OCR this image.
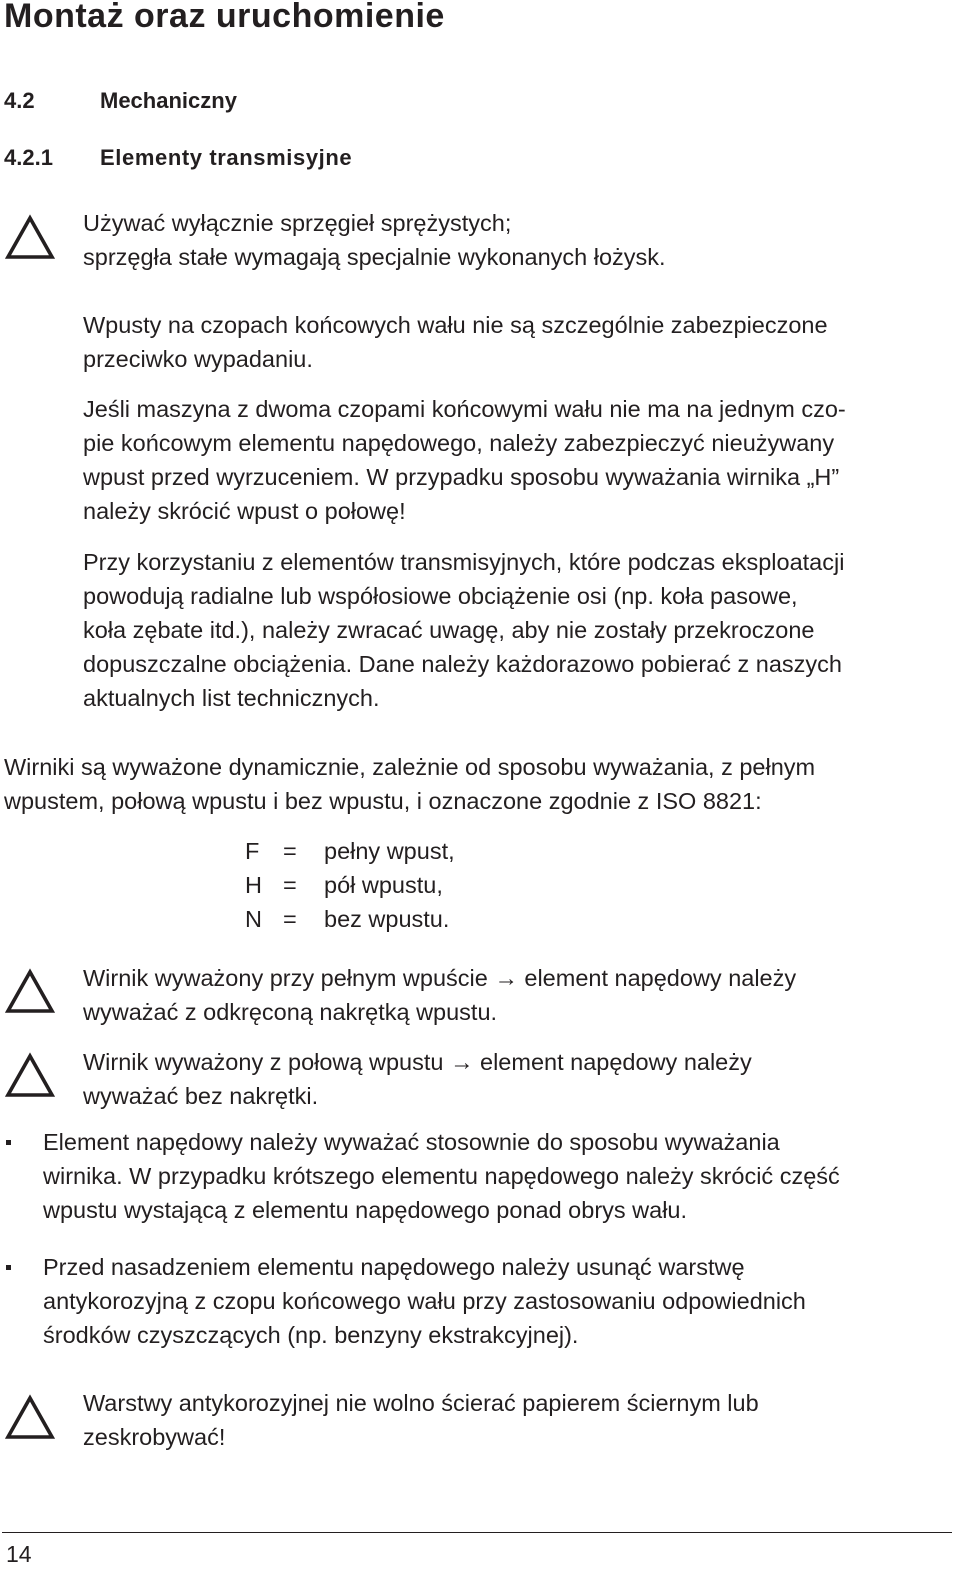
Montaż oraz uruchomienie
4.2	Mechaniczny
4.2.1 Elementy transmisyjne

Używać wyłącznie sprzęgieł sprężystych;

sprzęgła stałe wymagają specjalnie wykonanych łożysk.

Wpusty na czopach końcowych wału nie są szczególnie zabezpieczone

przeciwko wypadaniu.

Jeśli maszyna z dwoma czopami końcowymi wału nie ma na jednym czo-

pie końcowym elementu napędowego, należy zabezpieczyć nieużywany

wpust przed wyrzuceniem. W przypadku sposobu wyważania wirnika „H”

należy skrócić wpust o połowę!

Przy korzystaniu z elementów transmisyjnych, które podczas eksploatacji

powodują radialne lub współosiowe obciążenie osi (np. koła pasowe,

koła zębate itd.), należy zwracać uwagę, aby nie zostały przekroczone

dopuszczalne obciążenia. Dane należy każdorazowo pobierać z naszych

aktualnych list technicznych.

Wirniki są wyważone dynamicznie, zależnie od sposobu wyważania, z pełnym

wpustem, połową wpustu i bez wpustu, i oznaczone zgodnie z ISO 8821:

F = pełny wpust,
H = pół wpustu,
N = bez wpustu.

Wirnik wyważony przy pełnym wpuście → element napędowy należy

wyważać z odkręconą nakrętką wpustu.

Wirnik wyważony z połową wpustu → element napędowy należy

wyważać bez nakrętki.

Element napędowy należy wyważać stosownie do sposobu wyważania

wirnika. W przypadku krótszego elementu napędowego należy skrócić część

wpustu wystającą z elementu napędowego ponad obrys wału.

Przed nasadzeniem elementu napędowego należy usunąć warstwę

antykorozyjną z czopu końcowego wału przy zastosowaniu odpowiednich

środków czyszczących (np. benzyny ekstrakcyjnej).

Warstwy antykorozyjnej nie wolno ścierać papierem ściernym lub

zeskrobywać!

14
